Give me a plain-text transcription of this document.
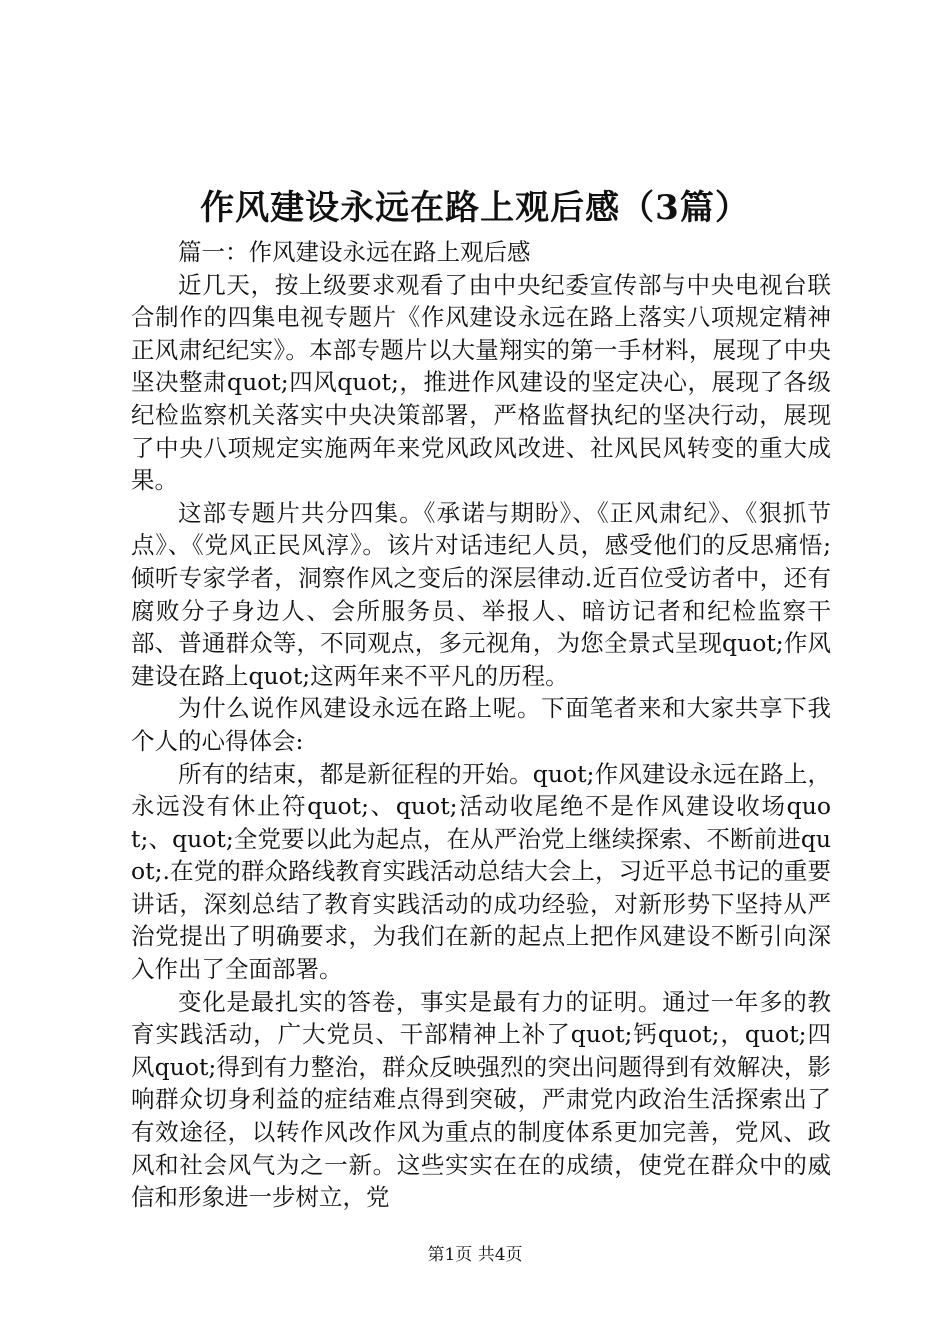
作风建设永远在路上观后感（3篇）

篇一：作风建设永远在路上观后感

近几天，按上级要求观看了由中央纪委宣传部与中央电视台联合制作的四集电视专题片《作风建设永远在路上落实八项规定精神正风肃纪纪实》。本部专题片以大量翔实的第一手材料，展现了中央坚决整肃quot;四风quot;，推进作风建设的坚定决心，展现了各级纪检监察机关落实中央决策部署，严格监督执纪的坚决行动，展现了中央八项规定实施两年来党风政风改进、社风民风转变的重大成果。

这部专题片共分四集。《承诺与期盼》、《正风肃纪》、《狠抓节点》、《党风正民风淳》。该片对话违纪人员，感受他们的反思痛悟;倾听专家学者，洞察作风之变后的深层律动.近百位受访者中，还有腐败分子身边人、会所服务员、举报人、暗访记者和纪检监察干部、普通群众等，不同观点，多元视角，为您全景式呈现quot;作风建设在路上quot;这两年来不平凡的历程。

为什么说作风建设永远在路上呢。下面笔者来和大家共享下我个人的心得体会:

所有的结束，都是新征程的开始。quot;作风建设永远在路上，永远没有休止符quot;、quot;活动收尾绝不是作风建设收场quot;、quot;全党要以此为起点，在从严治党上继续探索、不断前进quot;.在党的群众路线教育实践活动总结大会上，习近平总书记的重要讲话，深刻总结了教育实践活动的成功经验，对新形势下坚持从严治党提出了明确要求，为我们在新的起点上把作风建设不断引向深入作出了全面部署。

变化是最扎实的答卷，事实是最有力的证明。通过一年多的教育实践活动，广大党员、干部精神上补了quot;钙quot;，quot;四风quot;得到有力整治，群众反映强烈的突出问题得到有效解决，影响群众切身利益的症结难点得到突破，严肃党内政治生活探索出了有效途径，以转作风改作风为重点的制度体系更加完善，党风、政风和社会风气为之一新。这些实实在在的成绩，使党在群众中的威信和形象进一步树立，党

第1页 共4页
